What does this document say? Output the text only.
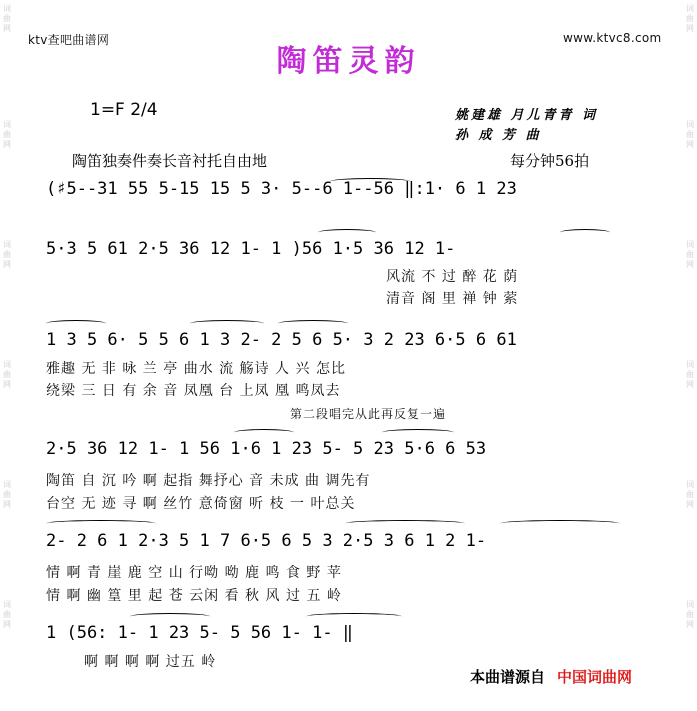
词
曲
网
词
曲
网
词
曲
网
词
曲
网
词
曲
网
词
曲
网
词
曲
网
词
曲
网
词
曲
网
词
曲
网
词
曲
网
词
曲
网
ktv查吧曲谱网	www.ktvc8.com
陶笛灵韵
1=F 2/4	姚建雄 月儿青青 词
孙 成 芳 曲
陶笛独奏件奏长音衬托自由地	每分钟56拍
(♯5--31 55 5-15 15 5 3· 5--6 1--56 ‖:1· 6 1 23
5·3 5 61 2·5 36 12 1- 1 )56 1·5 36 12 1-
风流 不 过 醉 花 荫
清音 阁 里 禅 钟 萦
1 3 5 6· 5 5 6 1 3 2- 2 5 6 5· 3 2 23 6·5 6 61
雅趣 无 非 咏 兰 亭 曲水 流 觞诗 人 兴 怎比
绕梁 三 日 有 余 音 凤凰 台 上凤 凰 鸣凤去
第二段唱完从此再反复一遍
2·5 36 12 1- 1 56 1·6 1 23 5- 5 23 5·6 6 53
陶笛 自 沉 吟 啊 起指 舞抒心 音 未成 曲 调先有
台空 无 迹 寻 啊 丝竹 意倚窗 听 枝 一 叶总关
2- 2 6 1 2·3 5 1 7 6·5 6 5 3 2·5 3 6 1 2 1-
情 啊 青 崖 鹿 空 山 行呦 呦 鹿 鸣 食 野 苹
情 啊 幽 篁 里 起 苍 云闲 看 秋 风 过 五 岭
1 (56: 1- 1 23 5- 5 56 1- 1- ‖
啊 啊 啊 啊 过五 岭
本曲谱源自 中国词曲网
